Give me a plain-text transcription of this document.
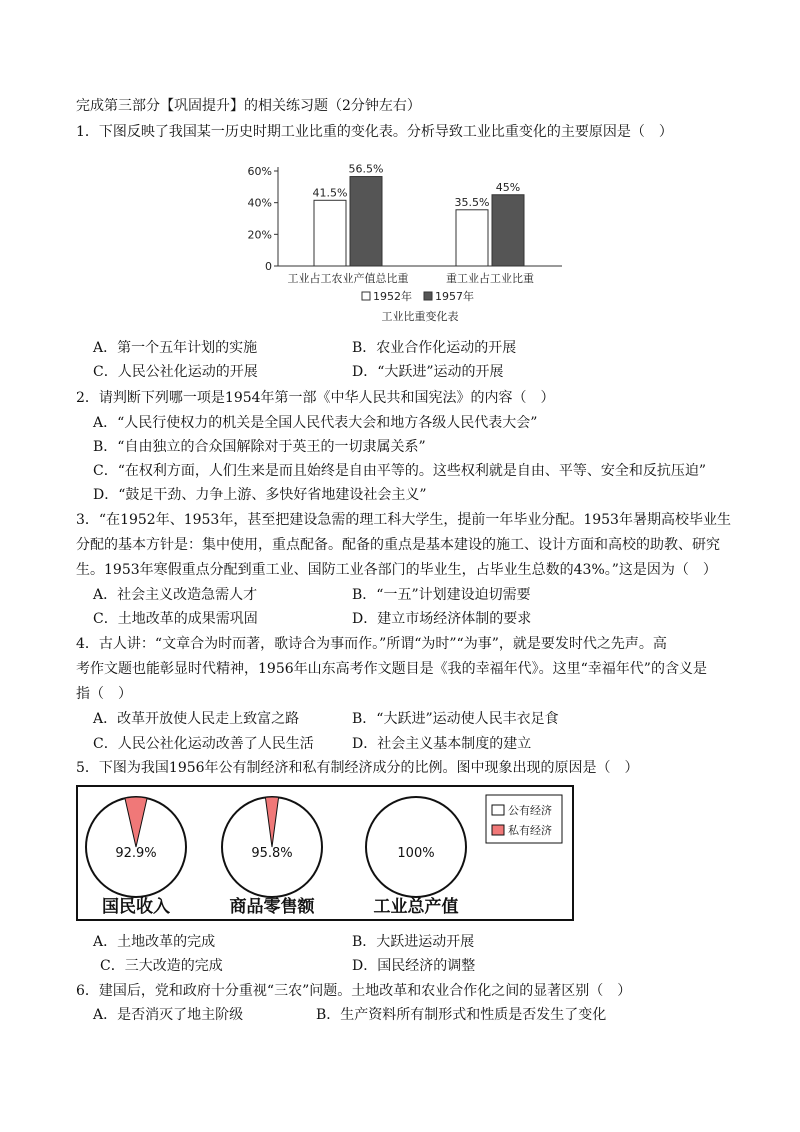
完成第三部分【巩固提升】的相关练习题（2分钟左右）
1．下图反映了我国某一历史时期工业比重的变化表。分析导致工业比重变化的主要原因是（　）
60%
40%
20%
0
41.5%
56.5%
工业占工农业产值总比重
35.5%
45%
重工业占工业比重
1952年 1957年
工业比重变化表
A．第一个五年计划的实施	B．农业合作化运动的开展
C．人民公社化运动的开展	D．“大跃进”运动的开展
2．请判断下列哪一项是1954年第一部《中华人民共和国宪法》的内容（　）
A．“人民行使权力的机关是全国人民代表大会和地方各级人民代表大会”
B．“自由独立的合众国解除对于英王的一切隶属关系”
C．“在权利方面，人们生来是而且始终是自由平等的。这些权利就是自由、平等、安全和反抗压迫”
D．“鼓足干劲、力争上游、多快好省地建设社会主义”
3．“在1952年、1953年，甚至把建设急需的理工科大学生，提前一年毕业分配。1953年暑期高校毕业生
分配的基本方针是：集中使用，重点配备。配备的重点是基本建设的施工、设计方面和高校的助教、研究
生。1953年寒假重点分配到重工业、国防工业各部门的毕业生，占毕业生总数的43%。”这是因为（　）
A．社会主义改造急需人才	B．“一五”计划建设迫切需要
C．土地改革的成果需巩固	D．建立市场经济体制的要求
4．古人讲：“文章合为时而著，歌诗合为事而作。”所谓“为时”“为事”，就是要发时代之先声。高
考作文题也能彰显时代精神，1956年山东高考作文题目是《我的幸福年代》。这里“幸福年代”的含义是
指（　）
A．改革开放使人民走上致富之路	B．“大跃进”运动使人民丰衣足食
C．人民公社化运动改善了人民生活	D．社会主义基本制度的建立
5．下图为我国1956年公有制经济和私有制经济成分的比例。图中现象出现的原因是（　）
92.9%
国民收入
95.8%
商品零售额
100%
工业总产值
公有经济
私有经济
A．土地改革的完成	B．大跃进运动开展
C．三大改造的完成	D．国民经济的调整
6．建国后，党和政府十分重视“三农”问题。土地改革和农业合作化之间的显著区别（　）
A．是否消灭了地主阶级	B．生产资料所有制形式和性质是否发生了变化
